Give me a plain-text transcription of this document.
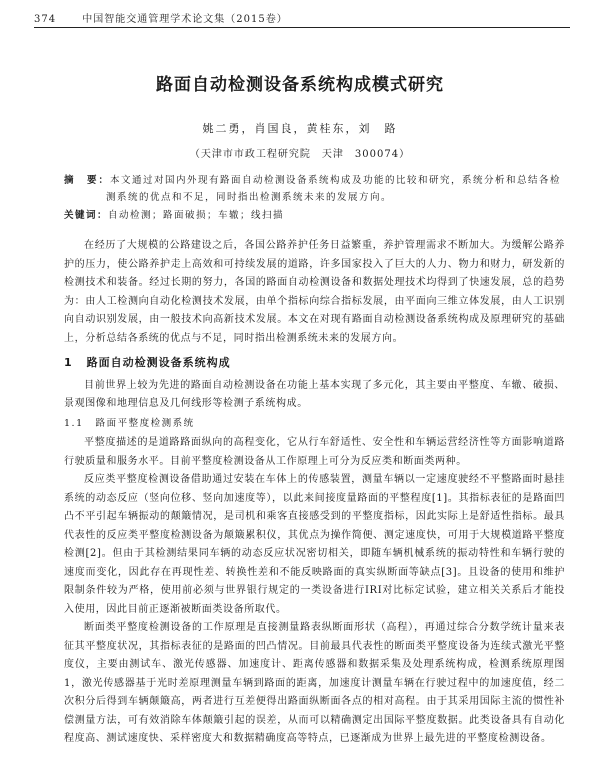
374	中国智能交通管理学术论文集（2015卷）
路面自动检测设备系统构成模式研究
姚二勇，肖国良，黄桂东，刘　路
（天津市市政工程研究院　天津　300074）

摘　要：本文通过对国内外现有路面自动检测设备系统构成及功能的比较和研究，系统分析和总结各检

测系统的优点和不足，同时指出检测系统未来的发展方向。

关键词：自动检测；路面破损；车辙；线扫描

在经历了大规模的公路建设之后，各国公路养护任务日益繁重，养护管理需求不断加大。为缓解公路养护的压力，使公路养护走上高效和可持续发展的道路，许多国家投入了巨大的人力、物力和财力，研发新的检测技术和装备。经过长期的努力，各国的路面自动检测设备和数据处理技术均得到了快速发展，总的趋势为：由人工检测向自动化检测技术发展，由单个指标向综合指标发展，由平面向三维立体发展，由人工识别向自动识别发展，由一般技术向高新技术发展。本文在对现有路面自动检测设备系统构成及原理研究的基础上，分析总结各系统的优点与不足，同时指出检测系统未来的发展方向。

1 路面自动检测设备系统构成

目前世界上较为先进的路面自动检测设备在功能上基本实现了多元化，其主要由平整度、车辙、破损、景观图像和地理信息及几何线形等检测子系统构成。

1.1 路面平整度检测系统

平整度描述的是道路路面纵向的高程变化，它从行车舒适性、安全性和车辆运营经济性等方面影响道路行驶质量和服务水平。目前平整度检测设备从工作原理上可分为反应类和断面类两种。

反应类平整度检测设备借助通过安装在车体上的传感装置，测量车辆以一定速度驶经不平整路面时悬挂系统的动态反应（竖向位移、竖向加速度等），以此来间接度量路面的平整程度[1]。其指标表征的是路面凹凸不平引起车辆振动的颠簸情况，是司机和乘客直接感受到的平整度指标，因此实际上是舒适性指标。最具代表性的反应类平整度检测设备为颠簸累积仪，其优点为操作简便、测定速度快，可用于大规模道路平整度检测[2]。但由于其检测结果同车辆的动态反应状况密切相关，即随车辆机械系统的振动特性和车辆行驶的速度而变化，因此存在再现性差、转换性差和不能反映路面的真实纵断面等缺点[3]。且设备的使用和维护限制条件较为严格，使用前必须与世界银行规定的一类设备进行IRI对比标定试验，建立相关关系后才能投入使用，因此目前正逐渐被断面类设备所取代。

断面类平整度检测设备的工作原理是直接测量路表纵断面形状（高程），再通过综合分数学统计量来表征其平整度状况，其指标表征的是路面的凹凸情况。目前最具代表性的断面类平整度设备为连续式激光平整度仪，主要由测试车、激光传感器、加速度计、距离传感器和数据采集及处理系统构成，检测系统原理图1，激光传感器基于光时差原理测量车辆到路面的距离，加速度计测量车辆在行驶过程中的加速度值，经二次积分后得到车辆颠簸高，两者进行互差便得出路面纵断面各点的相对高程。由于其采用国际主流的惯性补偿测量方法，可有效消除车体颠簸引起的误差，从而可以精确测定出国际平整度数据。此类设备具有自动化程度高、测试速度快、采样密度大和数据精确度高等特点，已逐渐成为世界上最先进的平整度检测设备。
